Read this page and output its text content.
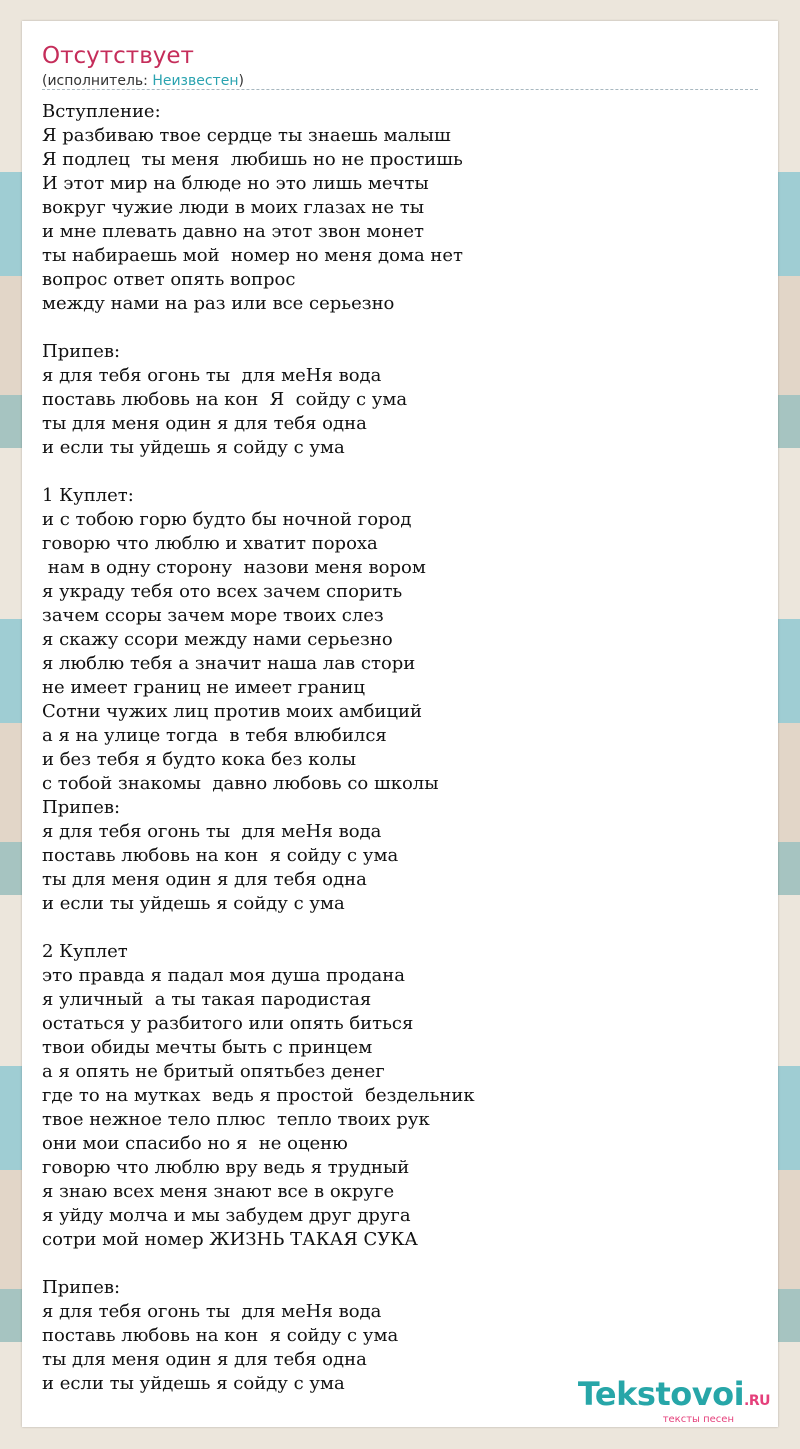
Отсутствует
(исполнитель: Неизвестен)
Вступление:
Я разбиваю твое сердце ты знаешь малыш
Я подлец  ты меня  любишь но не простишь
И этот мир на блюде но это лишь мечты
вокруг чужие люди в моих глазах не ты
и мне плевать давно на этот звон монет
ты набираешь мой  номер но меня дома нет
вопрос ответ опять вопрос
между нами на раз или все серьезно
Припев:
я для тебя огонь ты  для меНя вода
поставь любовь на кон  Я  сойду с ума
ты для меня один я для тебя одна
и если ты уйдешь я сойду с ума
1 Куплет:
и с тобою горю будто бы ночной город
говорю что люблю и хватит пороха
нам в одну сторону  назови меня вором
я украду тебя ото всех зачем спорить
зачем ссоры зачем море твоих слез
я скажу ссори между нами серьезно
я люблю тебя а значит наша лав стори
не имеет границ не имеет границ
Сотни чужих лиц против моих амбиций
а я на улице тогда  в тебя влюбился
и без тебя я будто кока без колы
с тобой знакомы  давно любовь со школы
Припев:
я для тебя огонь ты  для меНя вода
поставь любовь на кон  я сойду с ума
ты для меня один я для тебя одна
и если ты уйдешь я сойду с ума
2 Куплет
это правда я падал моя душа продана
я уличный  а ты такая пародистая
остаться у разбитого или опять биться
твои обиды мечты быть с принцем
а я опять не бритый опятьбез денег
где то на мутках  ведь я простой  бездельник
твое нежное тело плюс  тепло твоих рук
они мои спасибо но я  не оценю
говорю что люблю вру ведь я трудный
я знаю всех меня знают все в округе
я уйду молча и мы забудем друг друга
сотри мой номер ЖИЗНЬ ТАКАЯ СУКА
Припев:
я для тебя огонь ты  для меНя вода
поставь любовь на кон  я сойду с ума
ты для меня один я для тебя одна
и если ты уйдешь я сойду с ума	Tekstovoi.RU
тексты песен
